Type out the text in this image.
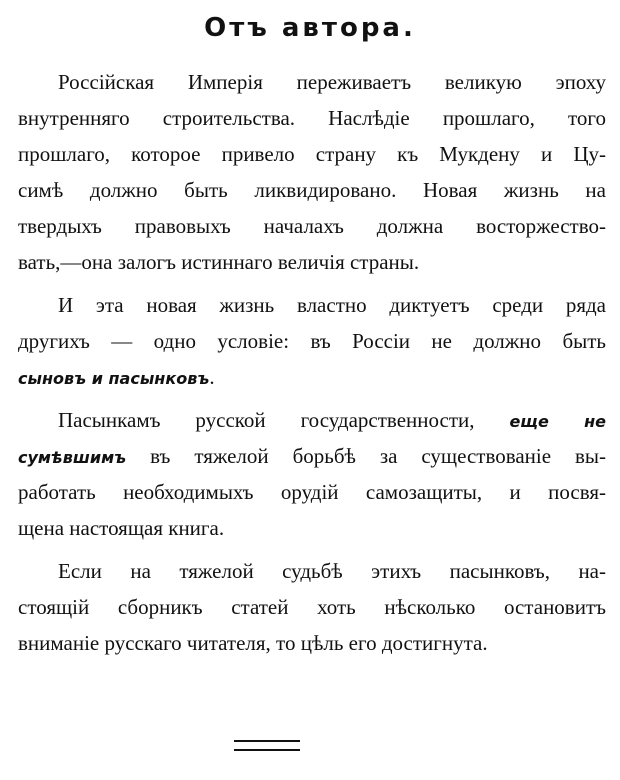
Отъ автора.
Россійская Имперія переживаетъ великую эпоху
внутренняго строительства. Наслѣдіе прошлаго, того
прошлаго, которое привело страну къ Мукдену и Цу-
симѣ должно быть ликвидировано. Новая жизнь на
твердыхъ правовыхъ началахъ должна восторжество-
вать,—она залогъ истиннаго величія страны.
И эта новая жизнь властно диктуетъ среди ряда
другихъ — одно условіе: въ Россіи не должно быть
сыновъ и пасынковъ.
Пасынкамъ русской государственности, еще не
сумѣвшимъ въ тяжелой борьбѣ за существованіе вы-
работать необходимыхъ орудій самозащиты, и посвя-
щена настоящая книга.
Если на тяжелой судьбѣ этихъ пасынковъ, на-
стоящій сборникъ статей хоть нѣсколько остановитъ
вниманіе русскаго читателя, то цѣль его достигнута.
